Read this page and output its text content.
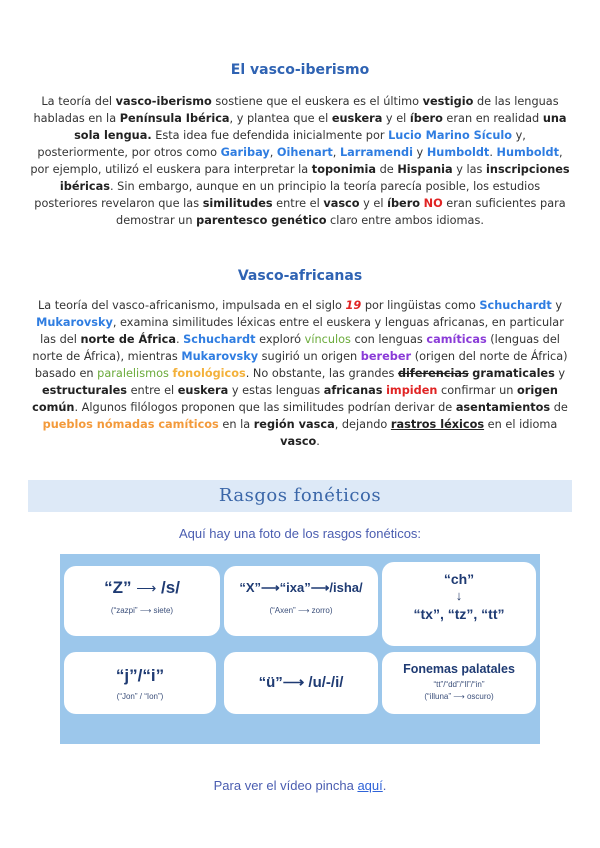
El vasco-iberismo
La teoría del vasco-iberismo sostiene que el euskera es el último vestigio de las lenguas habladas en la Península Ibérica, y plantea que el euskera y el íbero eran en realidad una sola lengua. Esta idea fue defendida inicialmente por Lucio Marino Sículo y, posteriormente, por otros como Garibay, Oihenart, Larramendi y Humboldt. Humboldt, por ejemplo, utilizó el euskera para interpretar la toponimia de Hispania y las inscripciones ibéricas. Sin embargo, aunque en un principio la teoría parecía posible, los estudios posteriores revelaron que las similitudes entre el vasco y el íbero NO eran suficientes para demostrar un parentesco genético claro entre ambos idiomas.
Vasco-africanas
La teoría del vasco-africanismo, impulsada en el siglo 19 por lingüistas como Schuchardt y Mukarovsky, examina similitudes léxicas entre el euskera y lenguas africanas, en particular las del norte de África. Schuchardt exploró vínculos con lenguas camíticas (lenguas del norte de África), mientras Mukarovsky sugirió un origen bereber (origen del norte de África) basado en paralelismos fonológicos. No obstante, las grandes diferencias gramaticales y estructurales entre el euskera y estas lenguas africanas impiden confirmar un origen común. Algunos filólogos proponen que las similitudes podrían derivar de asentamientos de pueblos nómadas camíticos en la región vasca, dejando rastros léxicos en el idioma vasco.
Rasgos fonéticos
Aquí hay una foto de los rasgos fonéticos:
“Z” ⟶ /s/
(“zazpi” ⟶ siete)
“X”⟶“ixa”⟶/isha/
(“Axen” ⟶ zorro)
“ch”
↓
“tx”, “tz”, “tt”
“j”/“i”
(“Jon” / “Ion”)
“ü”⟶ /u/-/i/
Fonemas palatales
“tt”/“dd”/“ll”/“in”
(“illuna” ⟶ oscuro)
Para ver el vídeo pincha aquí.
